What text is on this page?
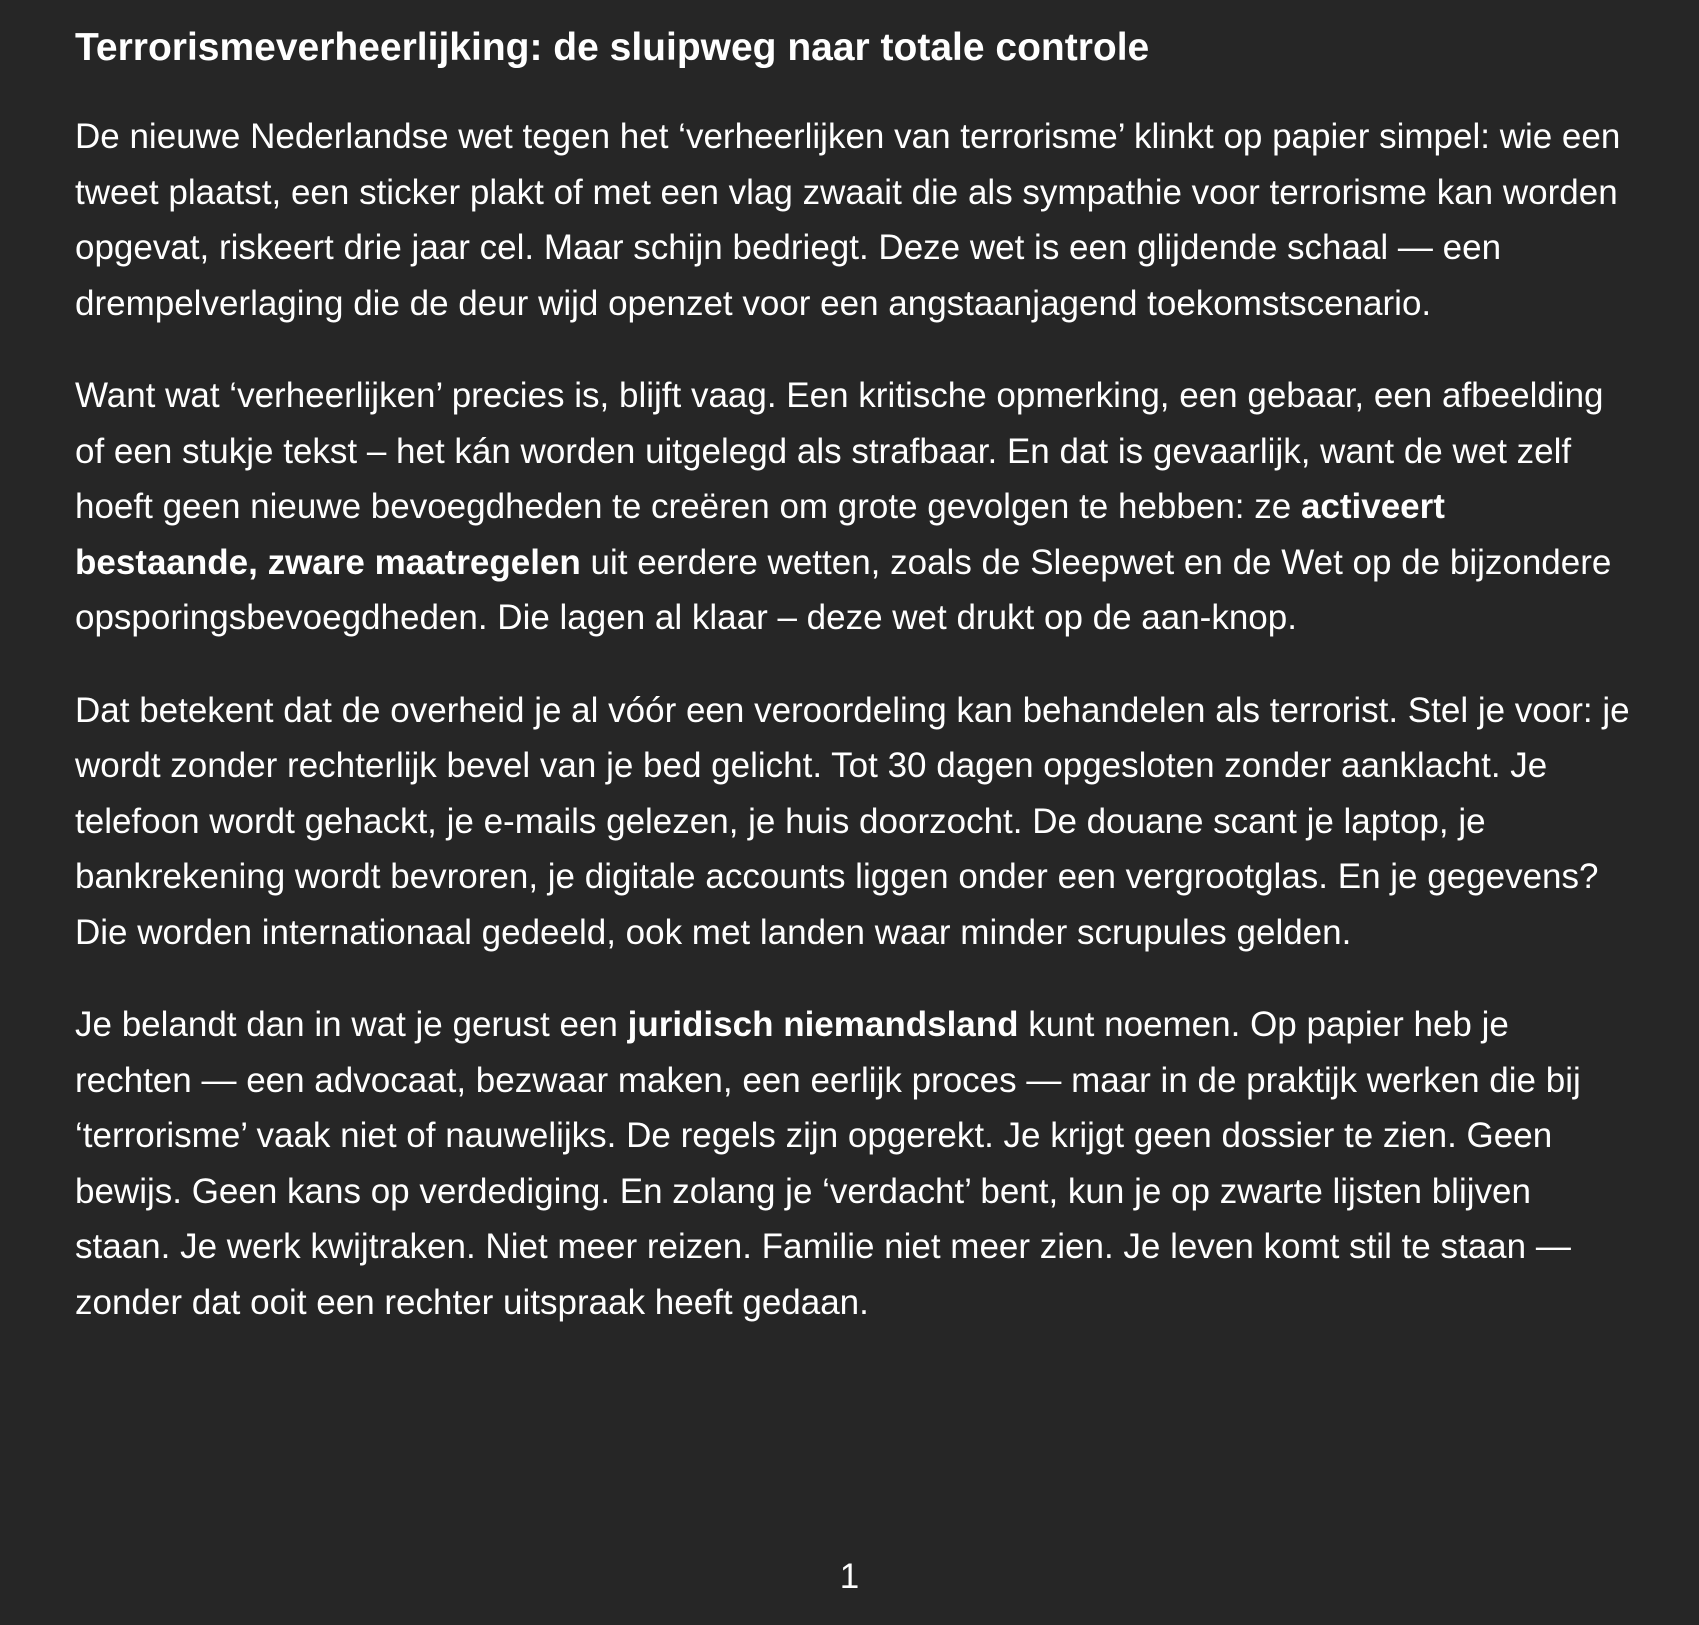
Terrorismeverheerlijking: de sluipweg naar totale controle

De nieuwe Nederlandse wet tegen het ‘verheerlijken van terrorisme’ klinkt op papier simpel: wie een tweet plaatst, een sticker plakt of met een vlag zwaait die als sympathie voor terrorisme kan worden opgevat, riskeert drie jaar cel. Maar schijn bedriegt. Deze wet is een glijdende schaal — een drempelverlaging die de deur wijd openzet voor een angstaanjagend toekomstscenario.

Want wat ‘verheerlijken’ precies is, blijft vaag. Een kritische opmerking, een gebaar, een afbeelding of een stukje tekst – het kán worden uitgelegd als strafbaar. En dat is gevaarlijk, want de wet zelf hoeft geen nieuwe bevoegdheden te creëren om grote gevolgen te hebben: ze activeert bestaande, zware maatregelen uit eerdere wetten, zoals de Sleepwet en de Wet op de bijzondere opsporingsbevoegdheden. Die lagen al klaar – deze wet drukt op de aan-knop.

Dat betekent dat de overheid je al vóór een veroordeling kan behandelen als terrorist. Stel je voor: je wordt zonder rechterlijk bevel van je bed gelicht. Tot 30 dagen opgesloten zonder aanklacht. Je telefoon wordt gehackt, je e-mails gelezen, je huis doorzocht. De douane scant je laptop, je bankrekening wordt bevroren, je digitale accounts liggen onder een vergrootglas. En je gegevens? Die worden internationaal gedeeld, ook met landen waar minder scrupules gelden.

Je belandt dan in wat je gerust een juridisch niemandsland kunt noemen. Op papier heb je rechten — een advocaat, bezwaar maken, een eerlijk proces — maar in de praktijk werken die bij ‘terrorisme’ vaak niet of nauwelijks. De regels zijn opgerekt. Je krijgt geen dossier te zien. Geen bewijs. Geen kans op verdediging. En zolang je ‘verdacht’ bent, kun je op zwarte lijsten blijven staan. Je werk kwijtraken. Niet meer reizen. Familie niet meer zien. Je leven komt stil te staan — zonder dat ooit een rechter uitspraak heeft gedaan.

1
